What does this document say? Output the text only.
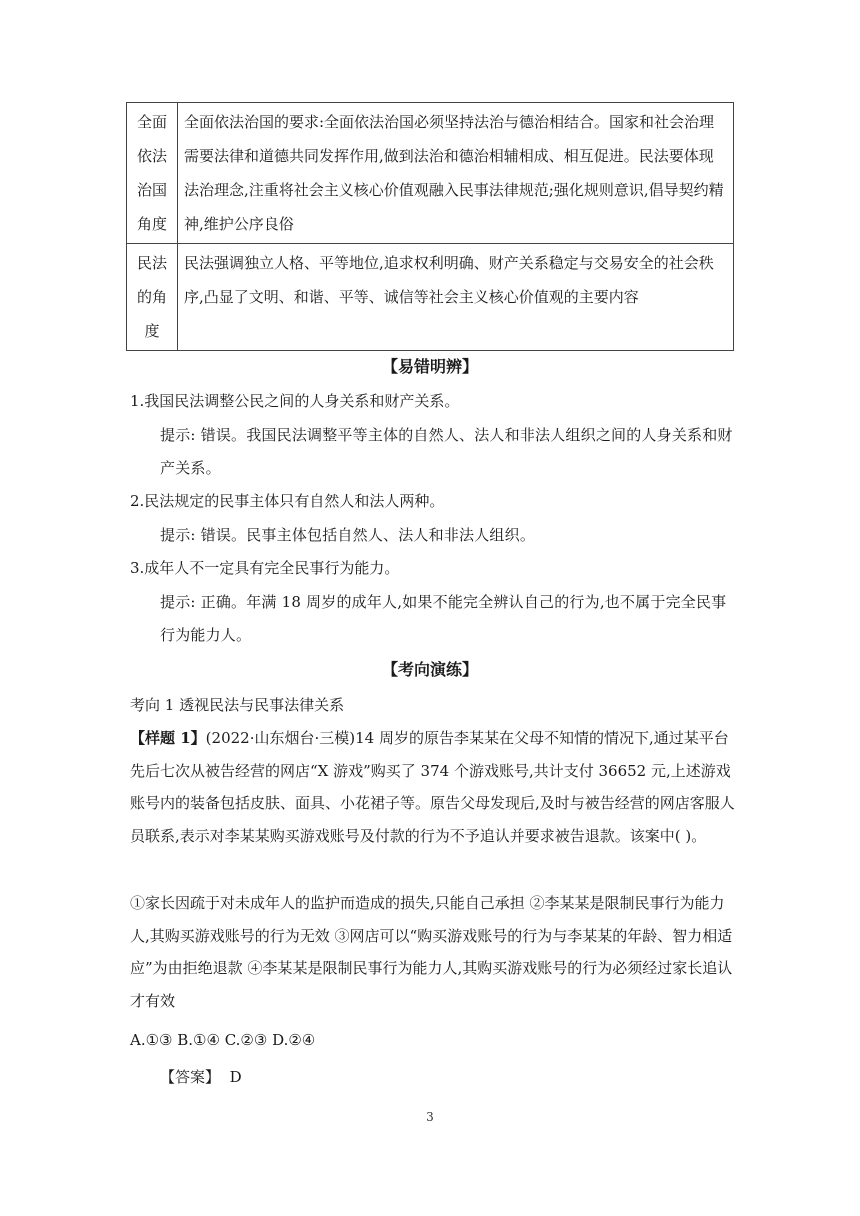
全面依法治国角度	全面依法治国的要求:全面依法治国必须坚持法治与德治相结合。国家和社会治理需要法律和道德共同发挥作用,做到法治和德治相辅相成、相互促进。民法要体现法治理念,注重将社会主义核心价值观融入民事法律规范;强化规则意识,倡导契约精神,维护公序良俗
民法的角度	民法强调独立人格、平等地位,追求权利明确、财产关系稳定与交易安全的社会秩序,凸显了文明、和谐、平等、诚信等社会主义核心价值观的主要内容
【易错明辨】
1.我国民法调整公民之间的人身关系和财产关系。
提示: 错误。我国民法调整平等主体的自然人、法人和非法人组织之间的人身关系和财产关系。
2.民法规定的民事主体只有自然人和法人两种。
提示: 错误。民事主体包括自然人、法人和非法人组织。
3.成年人不一定具有完全民事行为能力。
提示: 正确。年满 18 周岁的成年人,如果不能完全辨认自己的行为,也不属于完全民事行为能力人。
【考向演练】
考向 1 透视民法与民事法律关系
【样题 1】(2022·山东烟台·三模)14 周岁的原告李某某在父母不知情的情况下,通过某平台先后七次从被告经营的网店“X 游戏”购买了 374 个游戏账号,共计支付 36652 元,上述游戏账号内的装备包括皮肤、面具、小花裙子等。原告父母发现后,及时与被告经营的网店客服人员联系,表示对李某某购买游戏账号及付款的行为不予追认并要求被告退款。该案中( )。
①家长因疏于对未成年人的监护而造成的损失,只能自己承担 ②李某某是限制民事行为能力人,其购买游戏账号的行为无效 ③网店可以“购买游戏账号的行为与李某某的年龄、智力相适应”为由拒绝退款 ④李某某是限制民事行为能力人,其购买游戏账号的行为必须经过家长追认才有效
A.①③ B.①④ C.②③ D.②④
【答案】 D
3
